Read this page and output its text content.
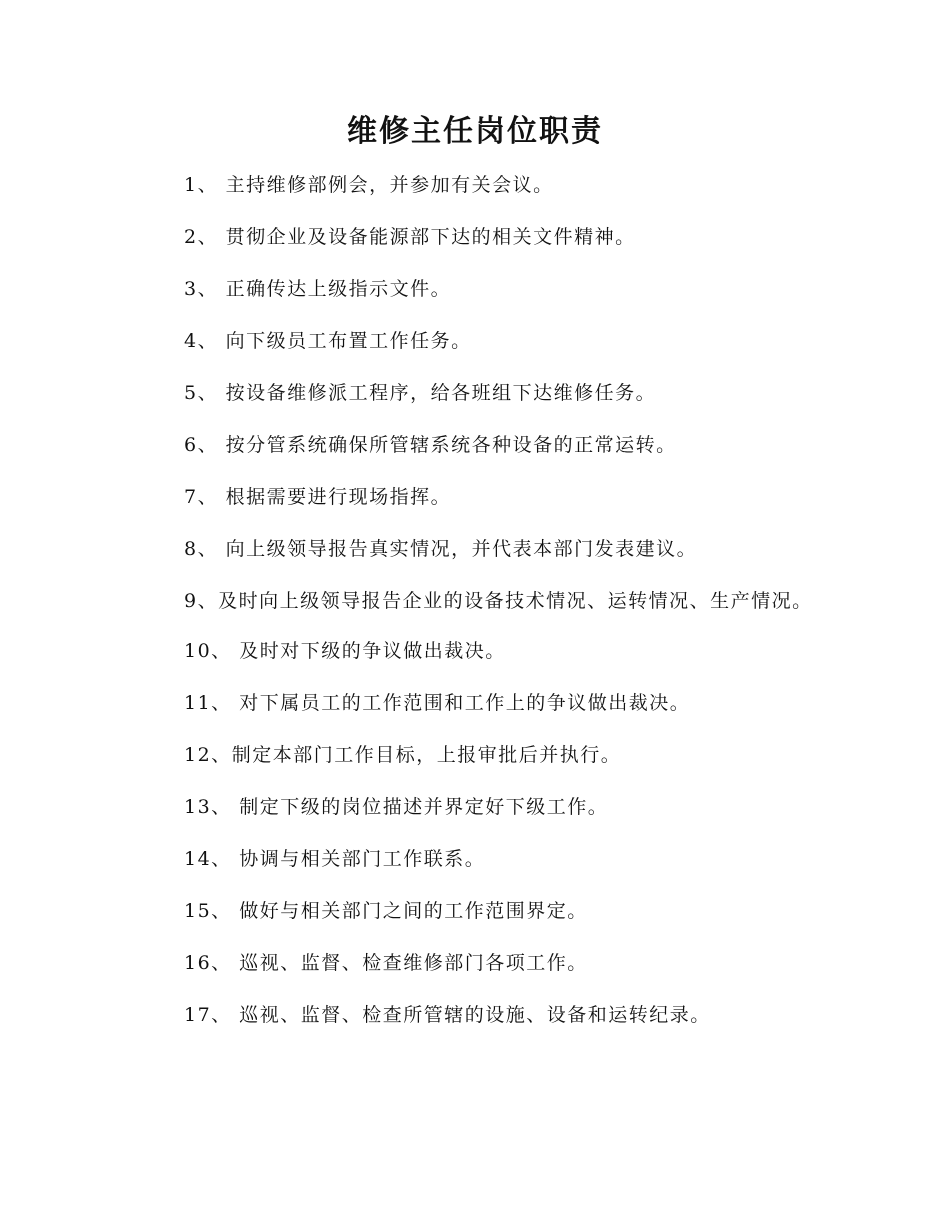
维修主任岗位职责
1、 主持维修部例会，并参加有关会议。
2、 贯彻企业及设备能源部下达的相关文件精神。
3、 正确传达上级指示文件。
4、 向下级员工布置工作任务。
5、 按设备维修派工程序，给各班组下达维修任务。
6、 按分管系统确保所管辖系统各种设备的正常运转。
7、 根据需要进行现场指挥。
8、 向上级领导报告真实情况，并代表本部门发表建议。
9、及时向上级领导报告企业的设备技术情况、运转情况、生产情况。
10、 及时对下级的争议做出裁决。
11、 对下属员工的工作范围和工作上的争议做出裁决。
12、制定本部门工作目标，上报审批后并执行。
13、 制定下级的岗位描述并界定好下级工作。
14、 协调与相关部门工作联系。
15、 做好与相关部门之间的工作范围界定。
16、 巡视、监督、检查维修部门各项工作。
17、 巡视、监督、检查所管辖的设施、设备和运转纪录。
